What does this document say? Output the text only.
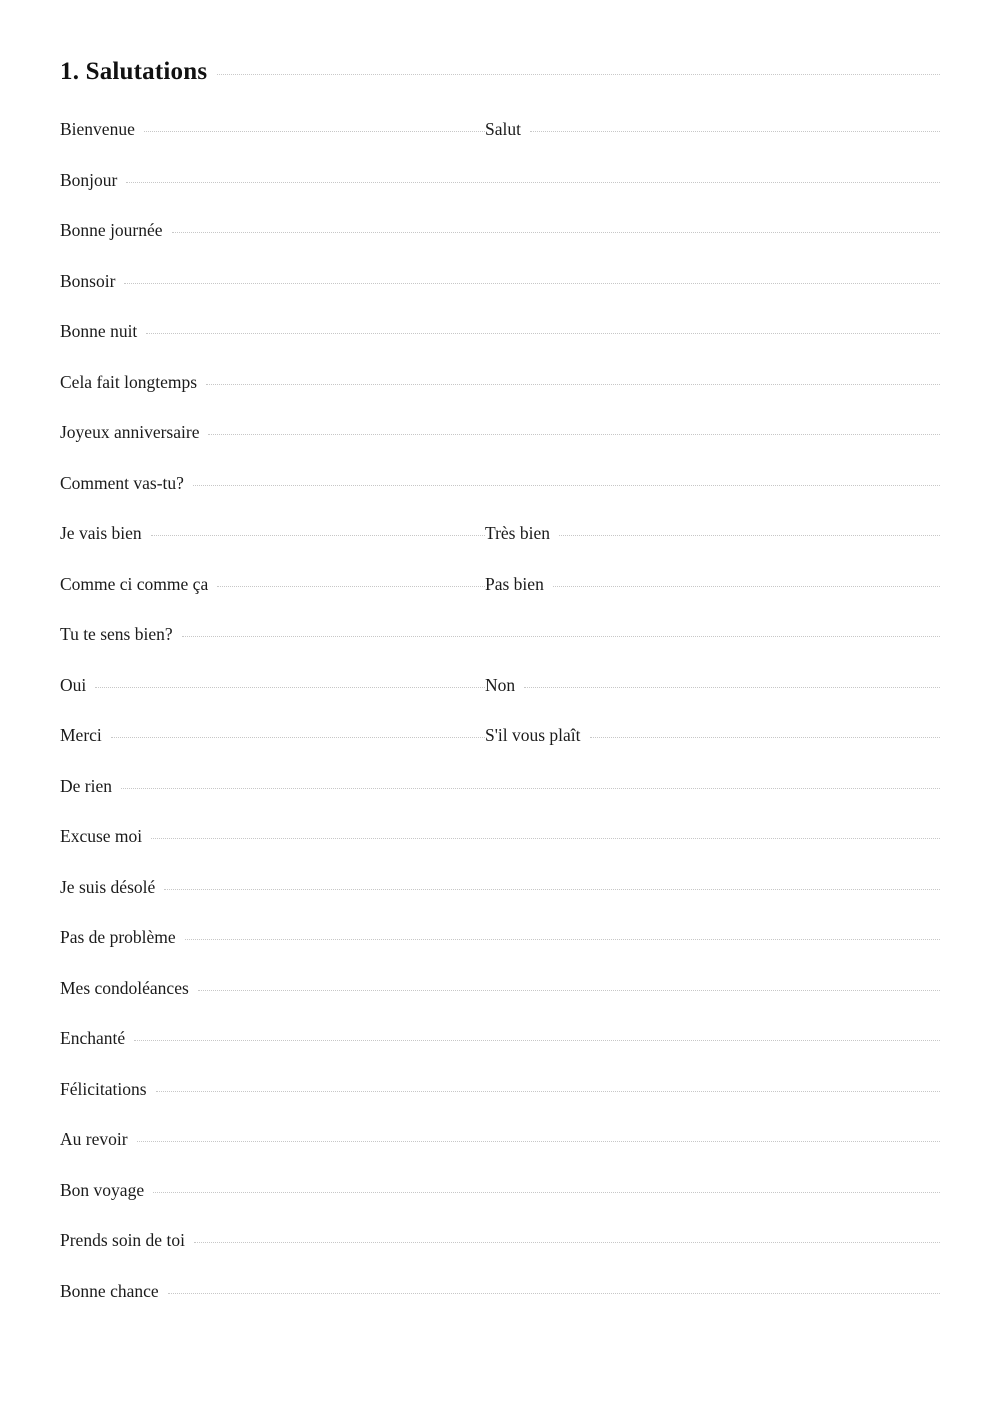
1. Salutations
Bienvenue	Salut
Bonjour
Bonne journée
Bonsoir
Bonne nuit
Cela fait longtemps
Joyeux anniversaire
Comment vas-tu?
Je vais bien	Très bien
Comme ci comme ça	Pas bien
Tu te sens bien?
Oui	Non
Merci	S'il vous plaît
De rien
Excuse moi
Je suis désolé
Pas de problème
Mes condoléances
Enchanté
Félicitations
Au revoir
Bon voyage
Prends soin de toi
Bonne chance
